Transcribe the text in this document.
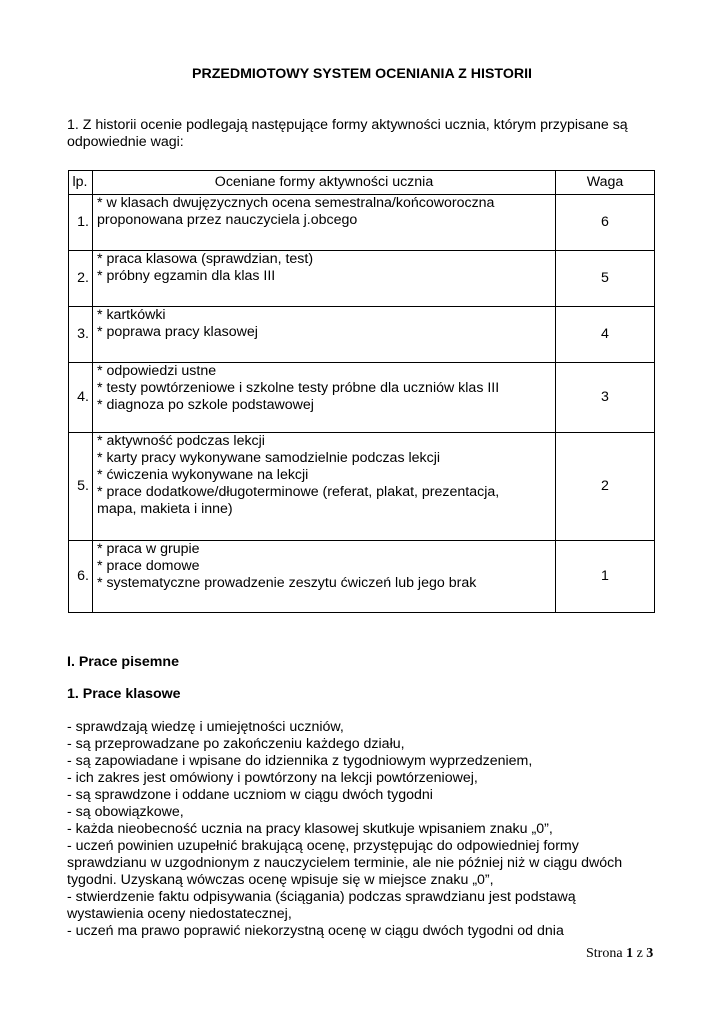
PRZEDMIOTOWY SYSTEM OCENIANIA Z HISTORII
1. Z historii ocenie podlegają następujące formy aktywności ucznia, którym przypisane są odpowiednie wagi:
lp.	Oceniane formy aktywności ucznia	Waga
1.	* w klasach dwujęzycznych ocena semestralna/końcoworoczna
proponowana przez nauczyciela j.obcego	6
2.	* praca klasowa (sprawdzian, test)
* próbny egzamin dla klas III	5
3.	* kartkówki
* poprawa pracy klasowej	4
4.	* odpowiedzi ustne
* testy powtórzeniowe i szkolne testy próbne dla uczniów klas III
* diagnoza po szkole podstawowej	3
5.	* aktywność podczas lekcji
* karty pracy wykonywane samodzielnie podczas lekcji
* ćwiczenia wykonywane na lekcji
* prace dodatkowe/długoterminowe (referat, plakat, prezentacja,
mapa, makieta i inne)	2
6.	* praca w grupie
* prace domowe
* systematyczne prowadzenie zeszytu ćwiczeń lub jego brak	1
I. Prace pisemne
1. Prace klasowe
- sprawdzają wiedzę i umiejętności uczniów,
- są przeprowadzane po zakończeniu każdego działu,
- są zapowiadane i wpisane do idziennika z tygodniowym wyprzedzeniem,
- ich zakres jest omówiony i powtórzony na lekcji powtórzeniowej,
- są sprawdzone i oddane uczniom w ciągu dwóch tygodni
- są obowiązkowe,
- każda nieobecność ucznia na pracy klasowej skutkuje wpisaniem znaku „0”,
- uczeń powinien uzupełnić brakującą ocenę, przystępując do odpowiedniej formy
sprawdzianu w uzgodnionym z nauczycielem terminie, ale nie później niż w ciągu dwóch
tygodni. Uzyskaną wówczas ocenę wpisuje się w miejsce znaku „0”,
- stwierdzenie faktu odpisywania (ściągania) podczas sprawdzianu jest podstawą
wystawienia oceny niedostatecznej,
- uczeń ma prawo poprawić niekorzystną ocenę w ciągu dwóch tygodni od dnia
Strona 1 z 3
